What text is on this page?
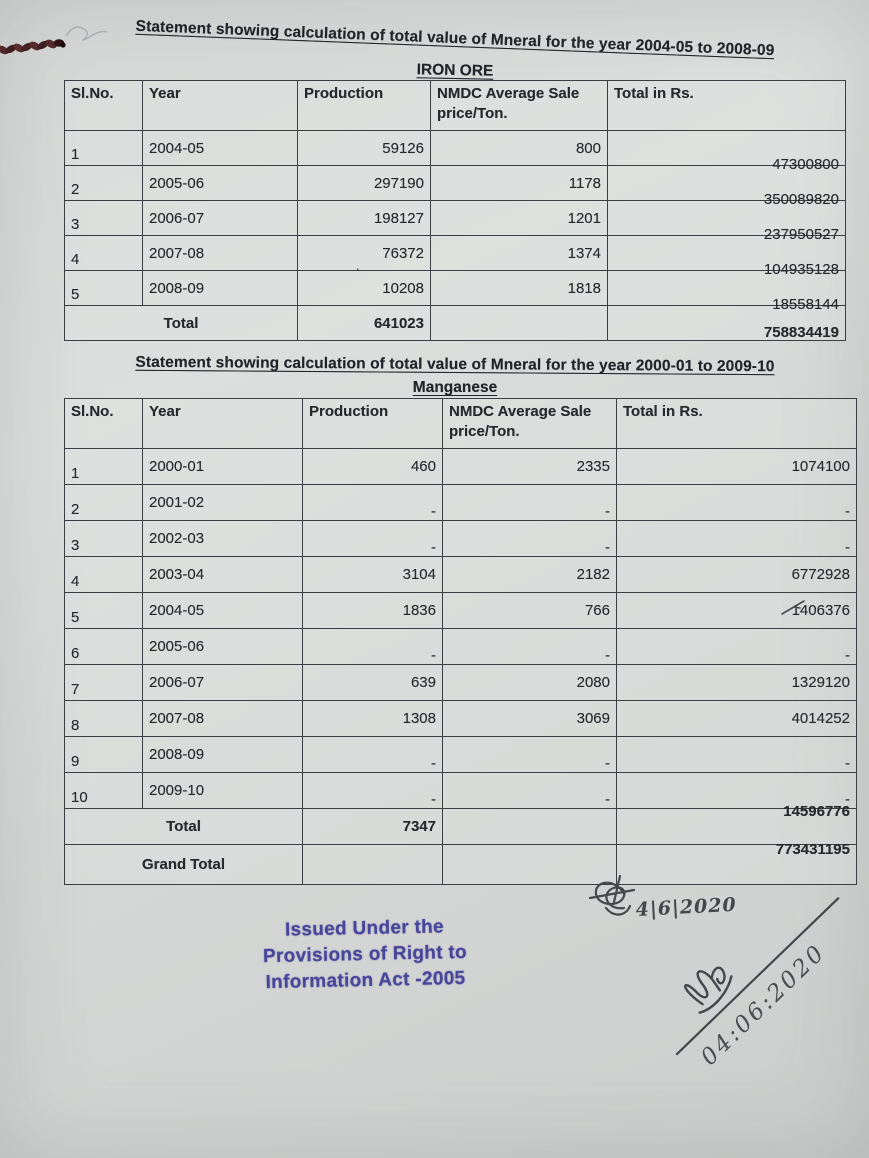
Statement showing calculation of total value of Mneral for the year 2004-05 to 2008-09
IRON ORE
Sl.No.	Year	Production	NMDC Average Sale price/Ton.	Total in Rs.
1	2004-05	59126	800	47300800
2	2005-06	297190	1178	350089820
3	2006-07	198127	1201	237950527
4	2007-08	76372	1374	104935128
5	2008-09	10208	1818	18558144
Total		641023		758834419
.
Statement showing calculation of total value of Mneral for the year 2000-01 to 2009-10
Manganese
Sl.No.	Year	Production	NMDC Average Sale price/Ton.	Total in Rs.
1	2000-01	460	2335	1074100
2	2001-02	-	-	-
3	2002-03	-	-	-
4	2003-04	3104	2182	6772928
5	2004-05	1836	766	1406376
6	2005-06	-	-	-
7	2006-07	639	2080	1329120
8	2007-08	1308	3069	4014252
9	2008-09	-	-	-
10	2009-10	-	-	-
Total		7347		14596776
Grand Total				773431195
Issued Under the
Provisions of Right to
Information Act -2005
4|6|2020
04:06:2020
